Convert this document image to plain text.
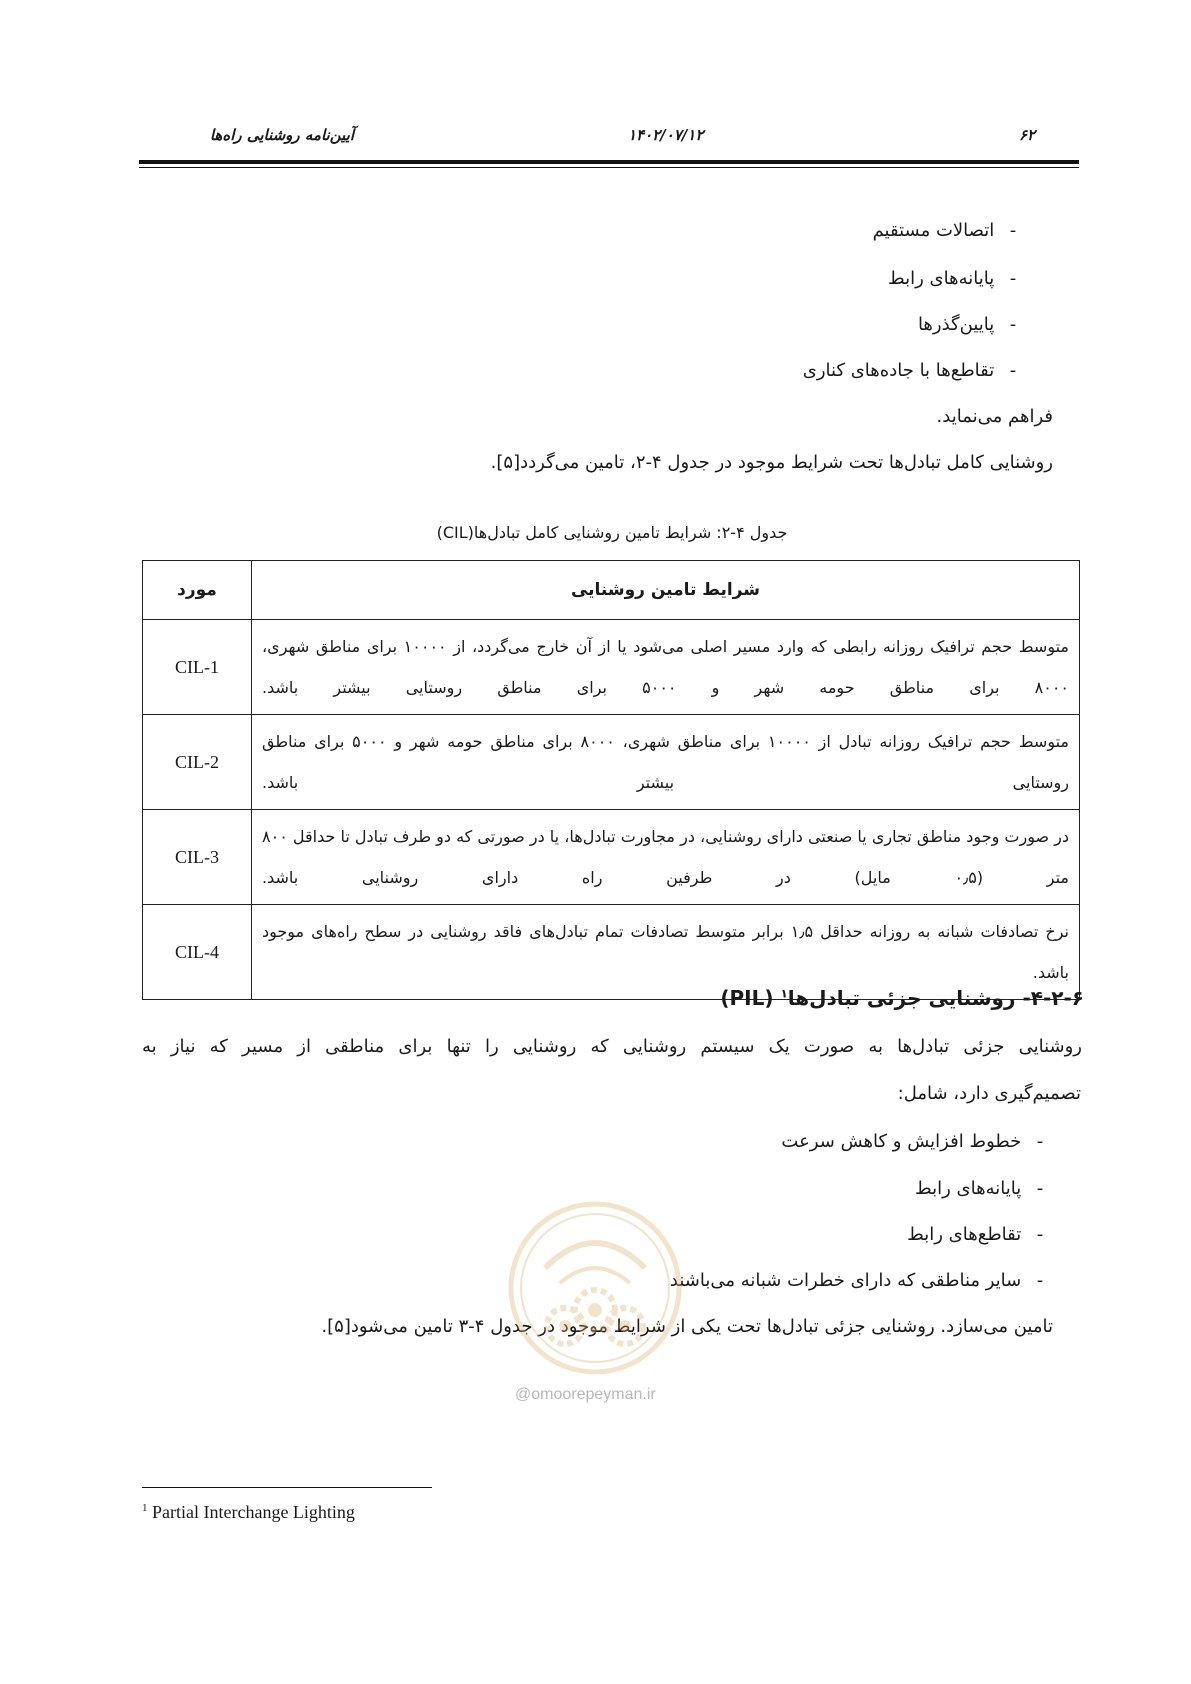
آیین‌نامه روشنایی راه‌ها	۱۴۰۲/۰۷/۱۲	۶۲
- اتصالات مستقیم
- پایانه‌های رابط
- پایین‌گذرها
- تقاطع‌ها با جاده‌های کناری
فراهم می‌نماید.
روشنایی کامل تبادل‌ها تحت شرایط موجود در جدول ۴-۲، تامین می‌گردد[۵].
جدول ۴-۲: شرایط تامین روشنایی کامل تبادل‌ها(CIL)
شرایط تامین روشنایی	مورد
متوسط حجم ترافیک روزانه رابطی که وارد مسیر اصلی می‌شود یا از آن خارج می‌گردد، از ۱۰۰۰۰ برای مناطق شهری، ۸۰۰۰ برای مناطق حومه شهر و ۵۰۰۰ برای مناطق روستایی بیشتر باشد.	CIL-1
متوسط حجم ترافیک روزانه تبادل از ۱۰۰۰۰ برای مناطق شهری، ۸۰۰۰ برای مناطق حومه شهر و ۵۰۰۰ برای مناطق روستایی بیشتر باشد.	CIL-2
در صورت وجود مناطق تجاری یا صنعتی دارای روشنایی، در مجاورت تبادل‌ها، یا در صورتی که دو طرف تبادل تا حداقل ۸۰۰ متر (۰٫۵ مایل) در طرفین راه دارای روشنایی باشد.	CIL-3
نرخ تصادفات شبانه به روزانه حداقل ۱٫۵ برابر متوسط تصادفات تمام تبادل‌های فاقد روشنایی در سطح راه‌های موجود باشد.	CIL-4
۴-۲-۶- روشنایی جزئی تبادل‌ها$^۱$ (PIL)
روشنایی جزئی تبادل‌ها به صورت یک سیستم روشنایی که روشنایی را تنها برای مناطقی از مسیر که نیاز به
تصمیم‌گیری دارد، شامل:
- خطوط افزایش و کاهش سرعت
- پایانه‌های رابط
- تقاطع‌های رابط
- سایر مناطقی که دارای خطرات شبانه می‌باشند
تامین می‌سازد. روشنایی جزئی تبادل‌ها تحت یکی از شرایط موجود در جدول ۴-۳ تامین می‌شود[۵].
@omoorepeyman.ir
$^1$ Partial Interchange Lighting
